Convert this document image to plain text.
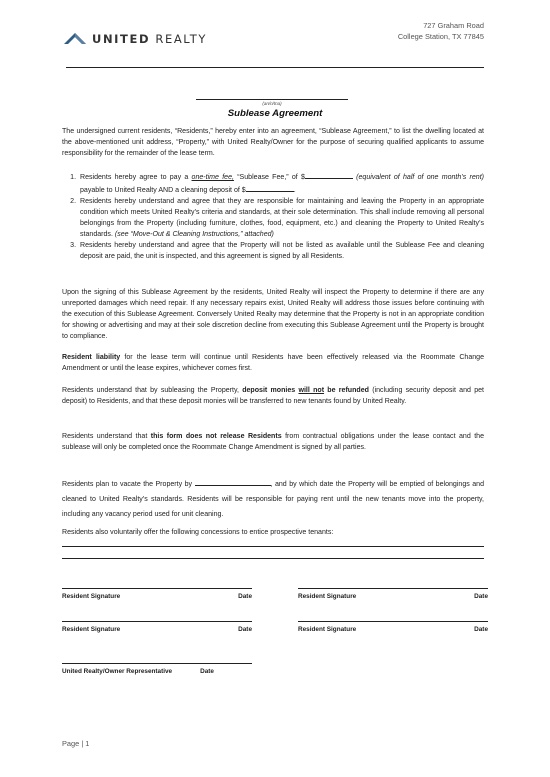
UNITED REALTY
727 Graham Road
College Station, TX 77845
(an/n/tna)
Sublease Agreement
The undersigned current residents, “Residents,” hereby enter into an agreement, “Sublease Agreement,” to list the dwelling located at the above-mentioned unit address, “Property,” with United Realty/Owner for the purpose of securing qualified applicants to assume responsibility for the remainder of the lease term.
1. Residents hereby agree to pay a one-time fee, “Sublease Fee,” of $	(equivalent of half of one month’s rent) payable to United Realty AND a cleaning deposit of $	.
2. Residents hereby understand and agree that they are responsible for maintaining and leaving the Property in an appropriate condition which meets United Realty’s criteria and standards, at their sole determination. This shall include removing all personal belongings from the Property (including furniture, clothes, food, equipment, etc.) and cleaning the Property to United Realty’s standards. (see “Move-Out & Cleaning Instructions,” attached)
3. Residents hereby understand and agree that the Property will not be listed as available until the Sublease Fee and cleaning deposit are paid, the unit is inspected, and this agreement is signed by all Residents.
Upon the signing of this Sublease Agreement by the residents, United Realty will inspect the Property to determine if there are any unreported damages which need repair. If any necessary repairs exist, United Realty will address those issues before continuing with the execution of this Sublease Agreement. Conversely United Realty may determine that the Property is not in an appropriate condition for showing or advertising and may at their sole discretion decline from executing this Sublease Agreement until the Property is brought to compliance.
Resident liability for the lease term will continue until Residents have been effectively released via the Roommate Change Amendment or until the lease expires, whichever comes first.
Residents understand that by subleasing the Property, deposit monies will not be refunded (including security deposit and pet deposit) to Residents, and that these deposit monies will be transferred to new tenants found by United Realty.
Residents understand that this form does not release Residents from contractual obligations under the lease contact and the sublease will only be completed once the Roommate Change Amendment is signed by all parties.
Residents plan to vacate the Property by	, and by which date the Property will be emptied of belongings and cleaned to United Realty’s standards. Residents will be responsible for paying rent until the new tenants move into the property, including any vacancy period used for unit cleaning.
Residents also voluntarily offer the following concessions to entice prospective tenants:
Resident Signature	Date	Resident Signature	Date
Resident Signature	Date	Resident Signature	Date
United Realty/Owner Representative	Date
Page | 1
